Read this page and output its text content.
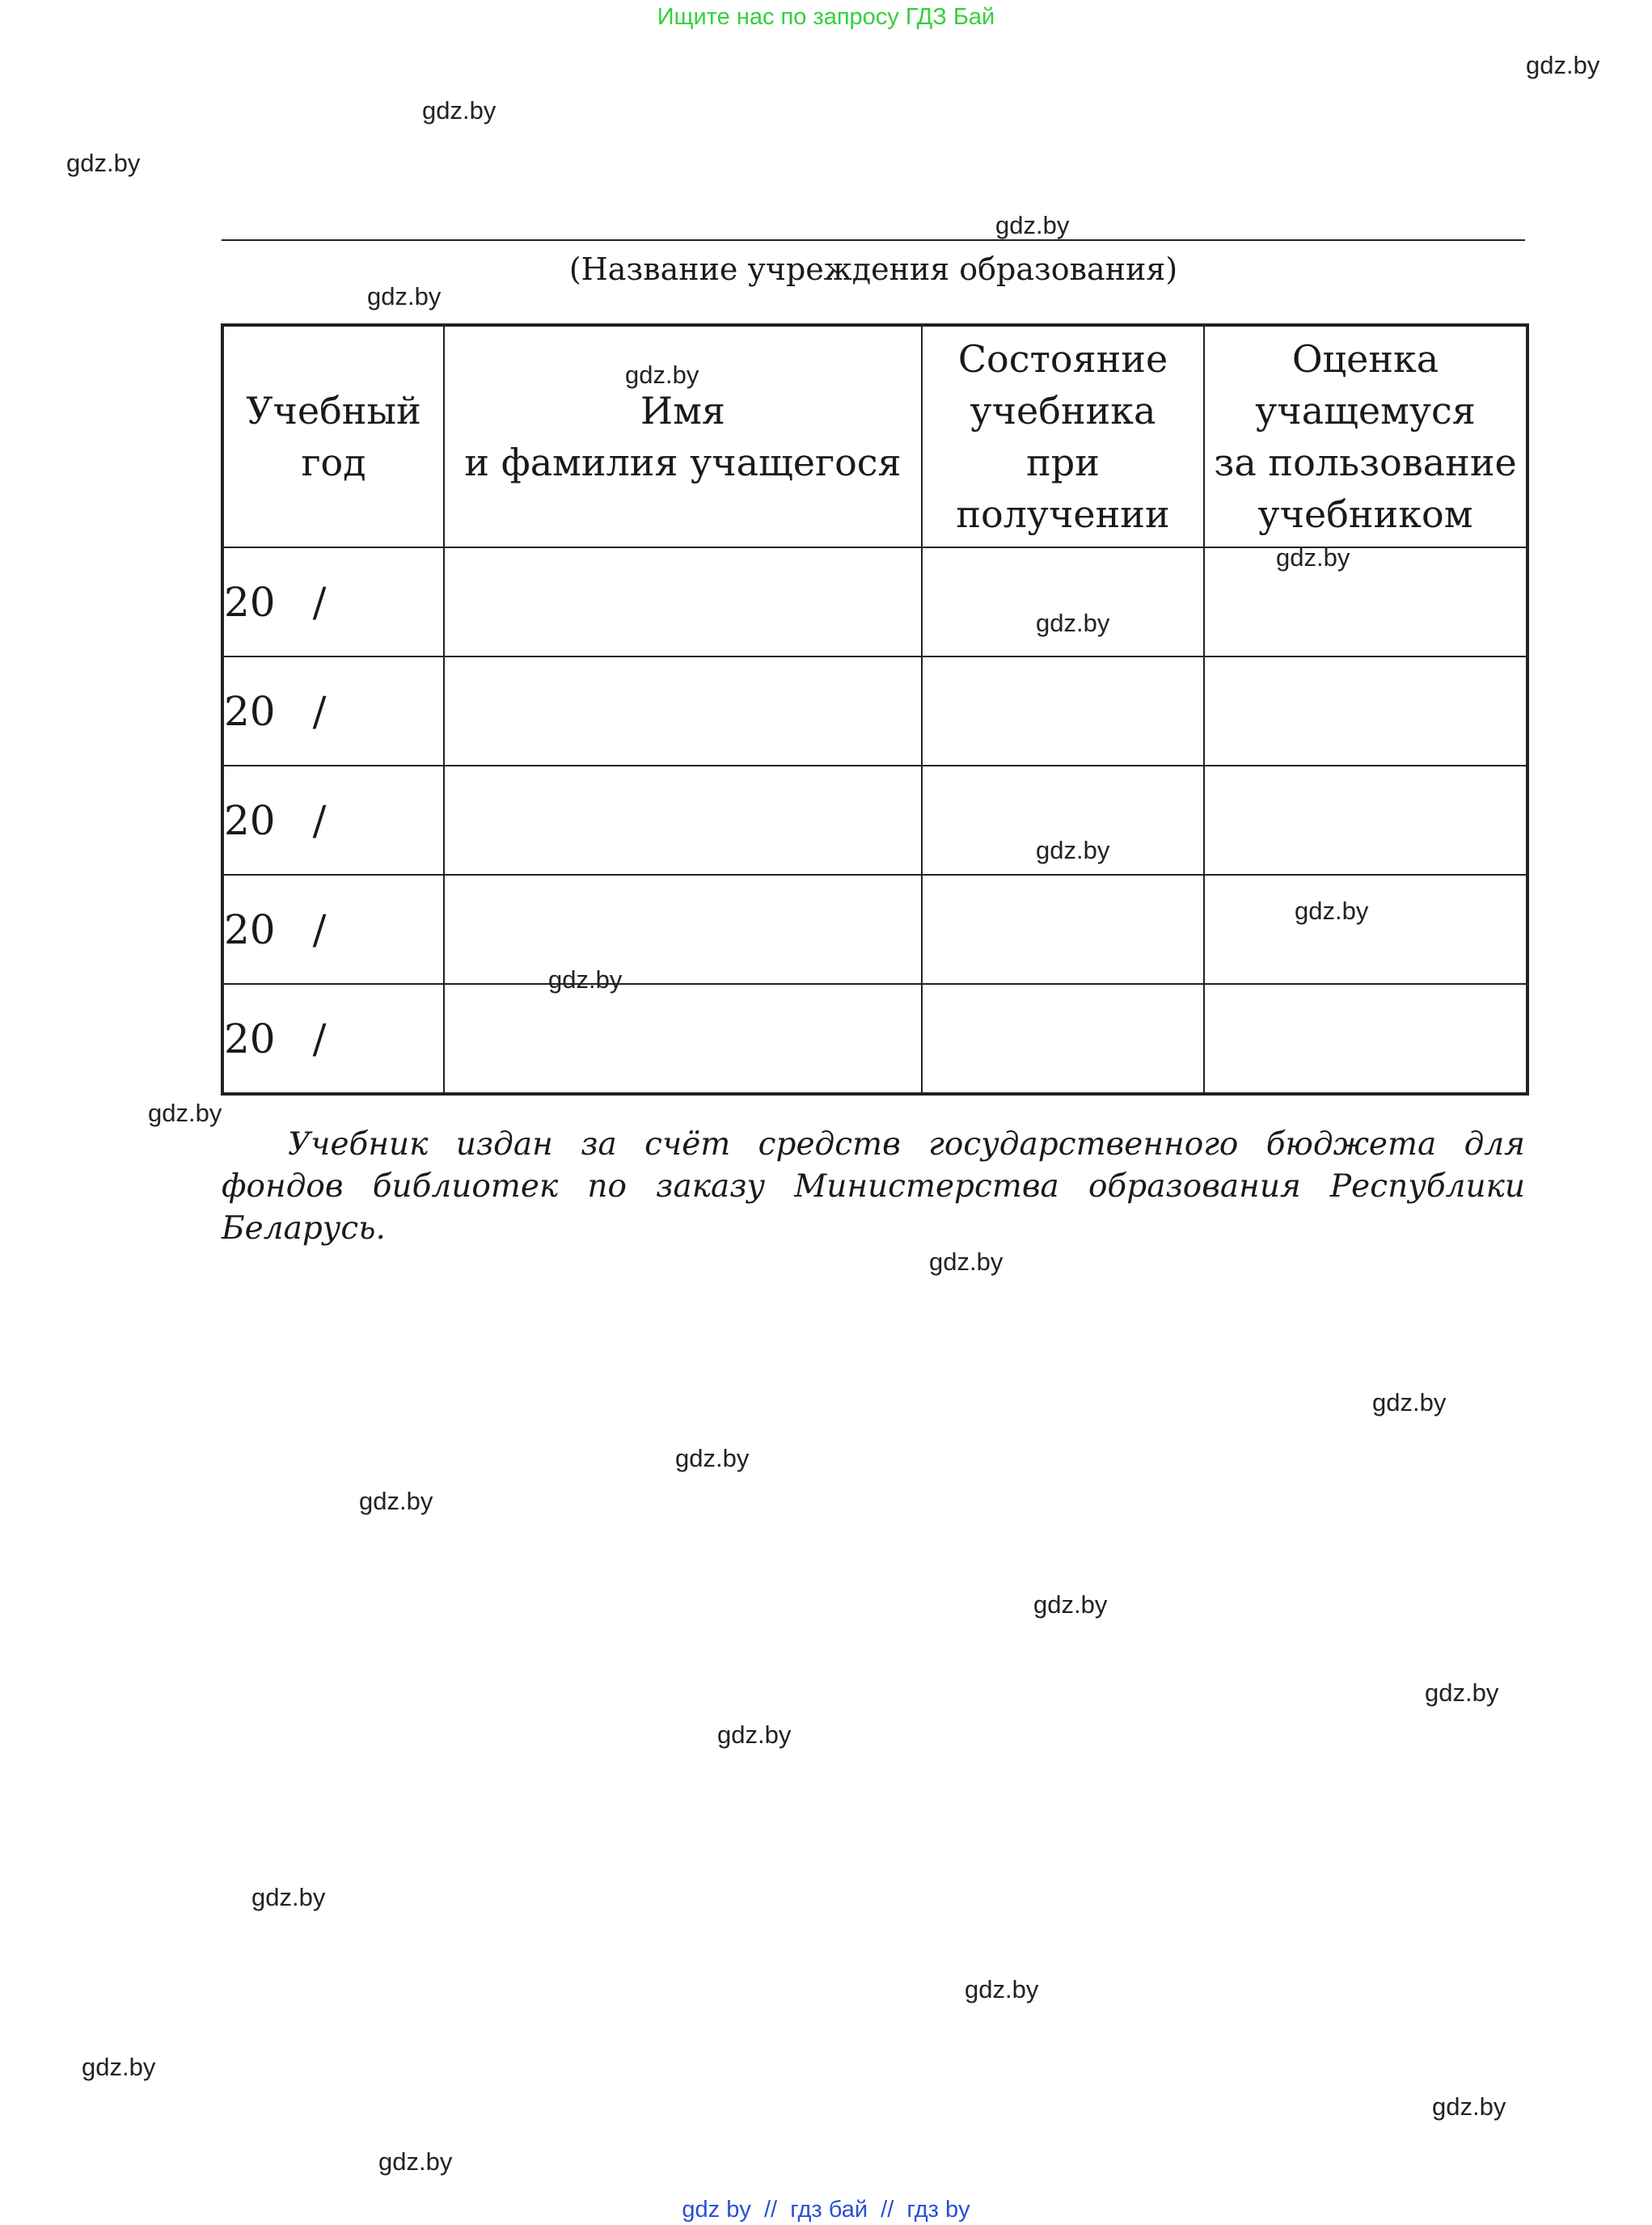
Ищите нас по запросу ГДЗ Бай
gdz.by
gdz.by
gdz.by
gdz.by
gdz.by
gdz.by
gdz.by
gdz.by
(Название учреждения образования)
Учебный
год	Имя
и фамилия учащегося	Состояние
учебника
при
получении	Оценка
учащемуся
за пользование
учебником
20 /			
20 /			
20 /			
20 /			
20 /			
gdz.by
gdz.by
gdz.by
gdz.by
Учебник издан за счёт средств государственного бюджета для фондов библиотек по заказу Министерства образования Республики Беларусь.
gdz.by
gdz.by
gdz.by
gdz.by
gdz.by
gdz.by
gdz.by
gdz.by
gdz.by
gdz.by
gdz.by
gdz.by
gdz by // гдз бай // гдз by
